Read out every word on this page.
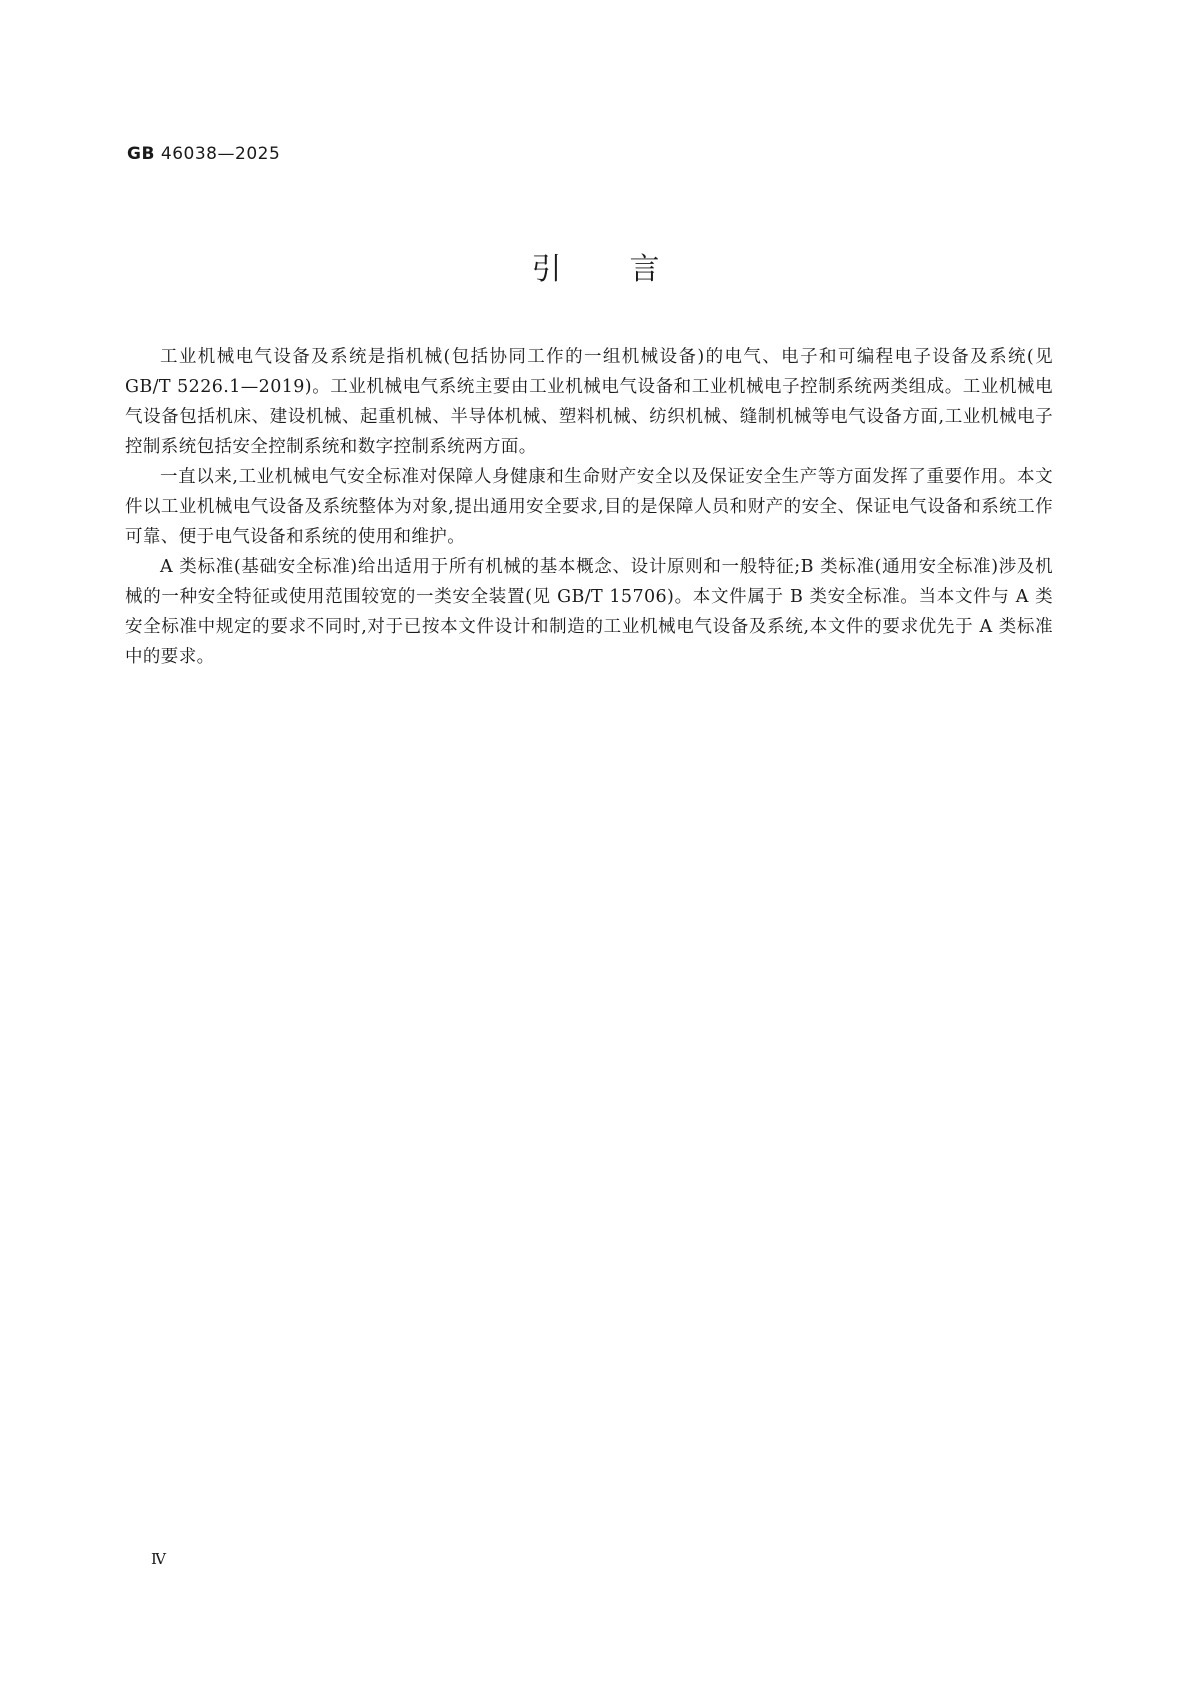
GB 46038—2025
引言

工业机械电气设备及系统是指机械(包括协同工作的一组机械设备)的电气、电子和可编程电子设备及系统(见 GB/T 5226.1—2019)。工业机械电气系统主要由工业机械电气设备和工业机械电子控制系统两类组成。工业机械电气设备包括机床、建设机械、起重机械、半导体机械、塑料机械、纺织机械、缝制机械等电气设备方面,工业机械电子控制系统包括安全控制系统和数字控制系统两方面。

一直以来,工业机械电气安全标准对保障人身健康和生命财产安全以及保证安全生产等方面发挥了重要作用。本文件以工业机械电气设备及系统整体为对象,提出通用安全要求,目的是保障人员和财产的安全、保证电气设备和系统工作可靠、便于电气设备和系统的使用和维护。

A 类标准(基础安全标准)给出适用于所有机械的基本概念、设计原则和一般特征;B 类标准(通用安全标准)涉及机械的一种安全特征或使用范围较宽的一类安全装置(见 GB/T 15706)。本文件属于 B 类安全标准。当本文件与 A 类安全标准中规定的要求不同时,对于已按本文件设计和制造的工业机械电气设备及系统,本文件的要求优先于 A 类标准中的要求。

Ⅳ
